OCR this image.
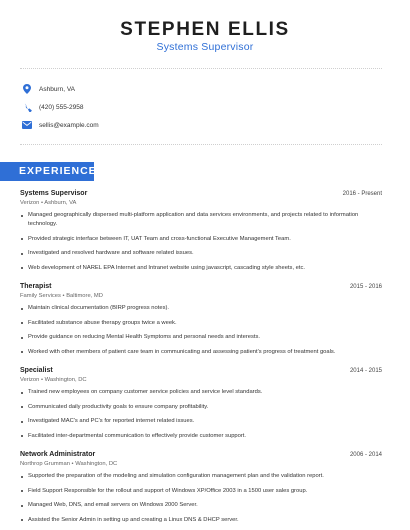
STEPHEN ELLIS
Systems Supervisor
Ashburn, VA
(420) 555-2958
sellis@example.com
EXPERIENCE
Systems Supervisor	2016 - Present
Verizon • Ashburn, VA
Managed geographically dispersed multi-platform application and data services environments, and projects related to information technology.
Provided strategic interface between IT, UAT Team and cross-functional Executive Management Team.
Investigated and resolved hardware and software related issues.
Web development of NAREL EPA Internet and Intranet website using javascript, cascading style sheets, etc.
Therapist	2015 - 2016
Family Services • Baltimore, MD
Maintain clinical documentation (BIRP progress notes).
Facilitated substance abuse therapy groups twice a week.
Provide guidance on reducing Mental Health Symptoms and personal needs and interests.
Worked with other members of patient care team in communicating and assessing patient's progress of treatment goals.
Specialist	2014 - 2015
Verizon • Washington, DC
Trained new employees on company customer service policies and service level standards.
Communicated daily productivity goals to ensure company profitability.
Investigated MAC's and PC's for reported internet related issues.
Facilitated inter-departmental communication to effectively provide customer support.
Network Administrator	2006 - 2014
Northrop Grumman • Washington, DC
Supported the preparation of the modeling and simulation configuration management plan and the validation report.
Field Support Responsible for the rollout and support of Windows XP/Office 2003 in a 1500 user sales group.
Managed Web, DNS, and email servers on Windows 2000 Server.
Assisted the Senior Admin in setting up and creating a Linux DNS & DHCP server.
